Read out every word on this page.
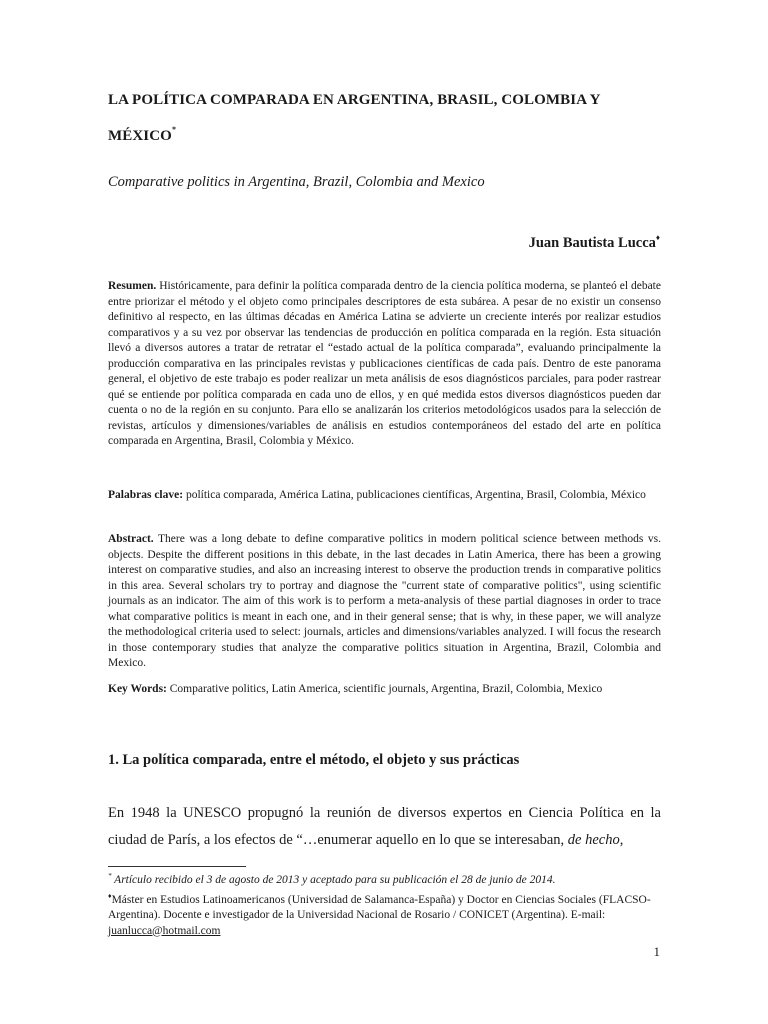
LA POLÍTICA COMPARADA EN ARGENTINA, BRASIL, COLOMBIA Y
MÉXICO*
Comparative politics in Argentina, Brazil, Colombia and Mexico
Juan Bautista Lucca♦

Resumen. Históricamente, para definir la política comparada dentro de la ciencia política moderna, se planteó el debate entre priorizar el método y el objeto como principales descriptores de esta subárea. A pesar de no existir un consenso definitivo al respecto, en las últimas décadas en América Latina se advierte un creciente interés por realizar estudios comparativos y a su vez por observar las tendencias de producción en política comparada en la región. Esta situación llevó a diversos autores a tratar de retratar el “estado actual de la política comparada”, evaluando principalmente la producción comparativa en las principales revistas y publicaciones científicas de cada país. Dentro de este panorama general, el objetivo de este trabajo es poder realizar un meta análisis de esos diagnósticos parciales, para poder rastrear qué se entiende por política comparada en cada uno de ellos, y en qué medida estos diversos diagnósticos pueden dar cuenta o no de la región en su conjunto. Para ello se analizarán los criterios metodológicos usados para la selección de revistas, artículos y dimensiones/variables de análisis en estudios contemporáneos del estado del arte en política comparada en Argentina, Brasil, Colombia y México.

Palabras clave: política comparada, América Latina, publicaciones científicas, Argentina, Brasil, Colombia, México

Abstract. There was a long debate to define comparative politics in modern political science between methods vs. objects. Despite the different positions in this debate, in the last decades in Latin America, there has been a growing interest on comparative studies, and also an increasing interest to observe the production trends in comparative politics in this area. Several scholars try to portray and diagnose the "current state of comparative politics", using scientific journals as an indicator. The aim of this work is to perform a meta-analysis of these partial diagnoses in order to trace what comparative politics is meant in each one, and in their general sense; that is why, in these paper, we will analyze the methodological criteria used to select: journals, articles and dimensions/variables analyzed. I will focus the research in those contemporary studies that analyze the comparative politics situation in Argentina, Brazil, Colombia and Mexico.

Key Words: Comparative politics, Latin America, scientific journals, Argentina, Brazil, Colombia, Mexico

1. La política comparada, entre el método, el objeto y sus prácticas

En 1948 la UNESCO propugnó la reunión de diversos expertos en Ciencia Política en la ciudad de París, a los efectos de “…enumerar aquello en lo que se interesaban, de hecho,

* Artículo recibido el 3 de agosto de 2013 y aceptado para su publicación el 28 de junio de 2014.

♦Máster en Estudios Latinoamericanos (Universidad de Salamanca-España) y Doctor en Ciencias Sociales (FLACSO-Argentina). Docente e investigador de la Universidad Nacional de Rosario / CONICET (Argentina). E-mail: juanlucca@hotmail.com

1
